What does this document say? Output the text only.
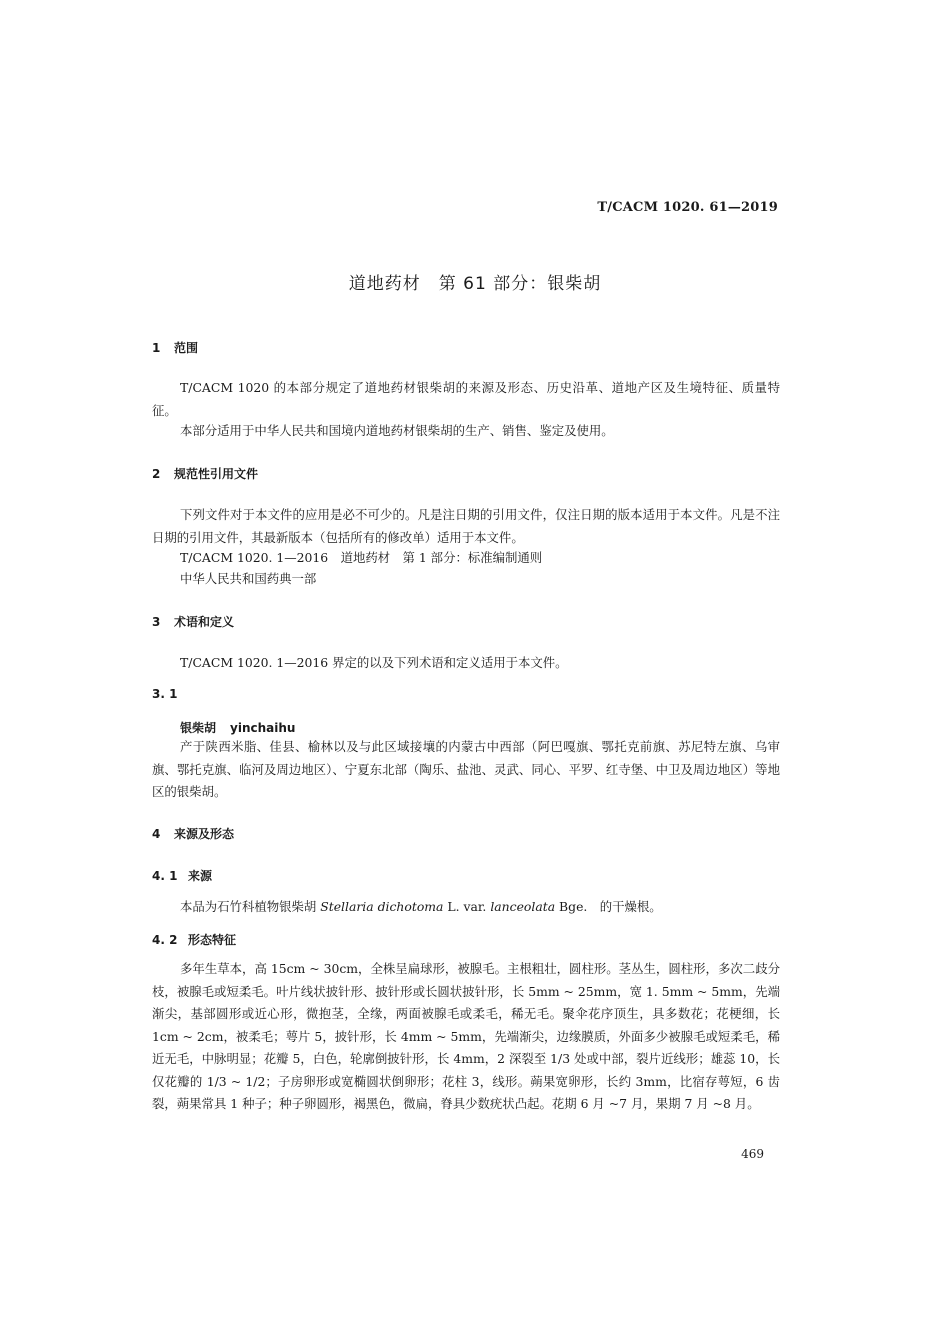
T/CACM 1020. 61—2019
道地药材　第 61 部分：银柴胡
1 范围
T/CACM 1020 的本部分规定了道地药材银柴胡的来源及形态、历史沿革、道地产区及生境特征、质量特征。
本部分适用于中华人民共和国境内道地药材银柴胡的生产、销售、鉴定及使用。
2 规范性引用文件
下列文件对于本文件的应用是必不可少的。凡是注日期的引用文件，仅注日期的版本适用于本文件。凡是不注日期的引用文件，其最新版本（包括所有的修改单）适用于本文件。
T/CACM 1020. 1—2016　道地药材　第 1 部分：标准编制通则
中华人民共和国药典一部
3 术语和定义
T/CACM 1020. 1—2016 界定的以及下列术语和定义适用于本文件。
3. 1
银柴胡 yinchaihu
产于陕西米脂、佳县、榆林以及与此区域接壤的内蒙古中西部（阿巴嘎旗、鄂托克前旗、苏尼特左旗、乌审旗、鄂托克旗、临河及周边地区）、宁夏东北部（陶乐、盐池、灵武、同心、平罗、红寺堡、中卫及周边地区）等地区的银柴胡。
4 来源及形态
4. 1 来源
本品为石竹科植物银柴胡 Stellaria dichotoma L. var. lanceolata Bge.　的干燥根。
4. 2 形态特征
多年生草本，高 15cm ~ 30cm，全株呈扁球形，被腺毛。主根粗壮，圆柱形。茎丛生，圆柱形，多次二歧分枝，被腺毛或短柔毛。叶片线状披针形、披针形或长圆状披针形，长 5mm ~ 25mm，宽 1. 5mm ~ 5mm，先端渐尖，基部圆形或近心形，微抱茎，全缘，两面被腺毛或柔毛，稀无毛。聚伞花序顶生，具多数花；花梗细，长 1cm ~ 2cm，被柔毛；萼片 5，披针形，长 4mm ~ 5mm，先端渐尖，边缘膜质，外面多少被腺毛或短柔毛，稀近无毛，中脉明显；花瓣 5，白色，轮廓倒披针形，长 4mm，2 深裂至 1/3 处或中部，裂片近线形；雄蕊 10，长仅花瓣的 1/3 ~ 1/2；子房卵形或宽椭圆状倒卵形；花柱 3，线形。蒴果宽卵形，长约 3mm，比宿存萼短，6 齿裂，蒴果常具 1 种子；种子卵圆形，褐黑色，微扁，脊具少数疣状凸起。花期 6 月 ~7 月，果期 7 月 ~8 月。
469
